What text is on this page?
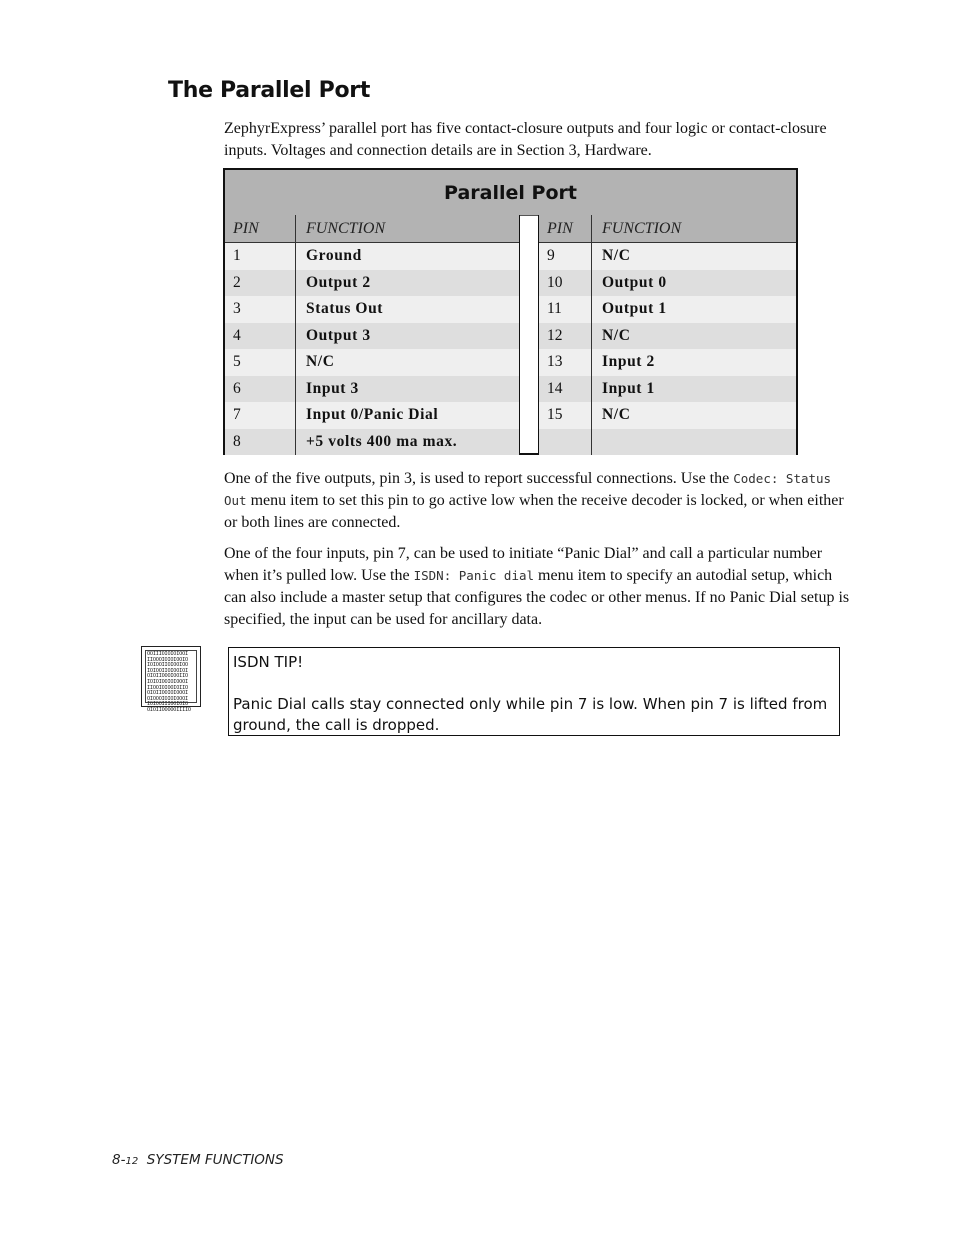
The Parallel Port
ZephyrExpress’ parallel port has five contact-closure outputs and four logic or contact-closure inputs. Voltages and connection details are in Section 3, Hardware.
Parallel Port
PIN	FUNCTION
1	Ground
2	Output 2
3	Status Out
4	Output 3
5	N/C
6	Input 3
7	Input 0/Panic Dial
8	+5 volts 400 ma max.
PIN	FUNCTION
9	N/C
10	Output 0
11	Output 1
12	N/C
13	Input 2
14	Input 1
15	N/C
One of the five outputs, pin 3, is used to report successful connections. Use the Codec: Status Out menu item to set this pin to go active low when the receive decoder is locked, or when either or both lines are connected.
One of the four inputs, pin 7, can be used to initiate “Panic Dial” and call a particular number when it’s pulled low. Use the ISDN: Panic dial menu item to specify an autodial setup, which can also include a master setup that configures the codec or other menus. If no Panic Dial setup is specified, the input can be used for ancillary data.
OOIIIOIOIOIOOI
IIOOOIOIOIOOIO
IOIOOIIOIOOIOO
IOIOOIIOIOOIOI
OIOIIOOOIOOIIO
IOIOIOOIOIOOOI
IIOOIOIOOIOIIO
OIOIIOOIOIOOOI
OIOOOIOIOIOOOI
IOIOOIIIOOIOIO
OIOIIOOOOOIIIIO
ISDN TIP!
Panic Dial calls stay connected only while pin 7 is low. When pin 7 is lifted from ground, the call is dropped.
8-12 SYSTEM FUNCTIONS
